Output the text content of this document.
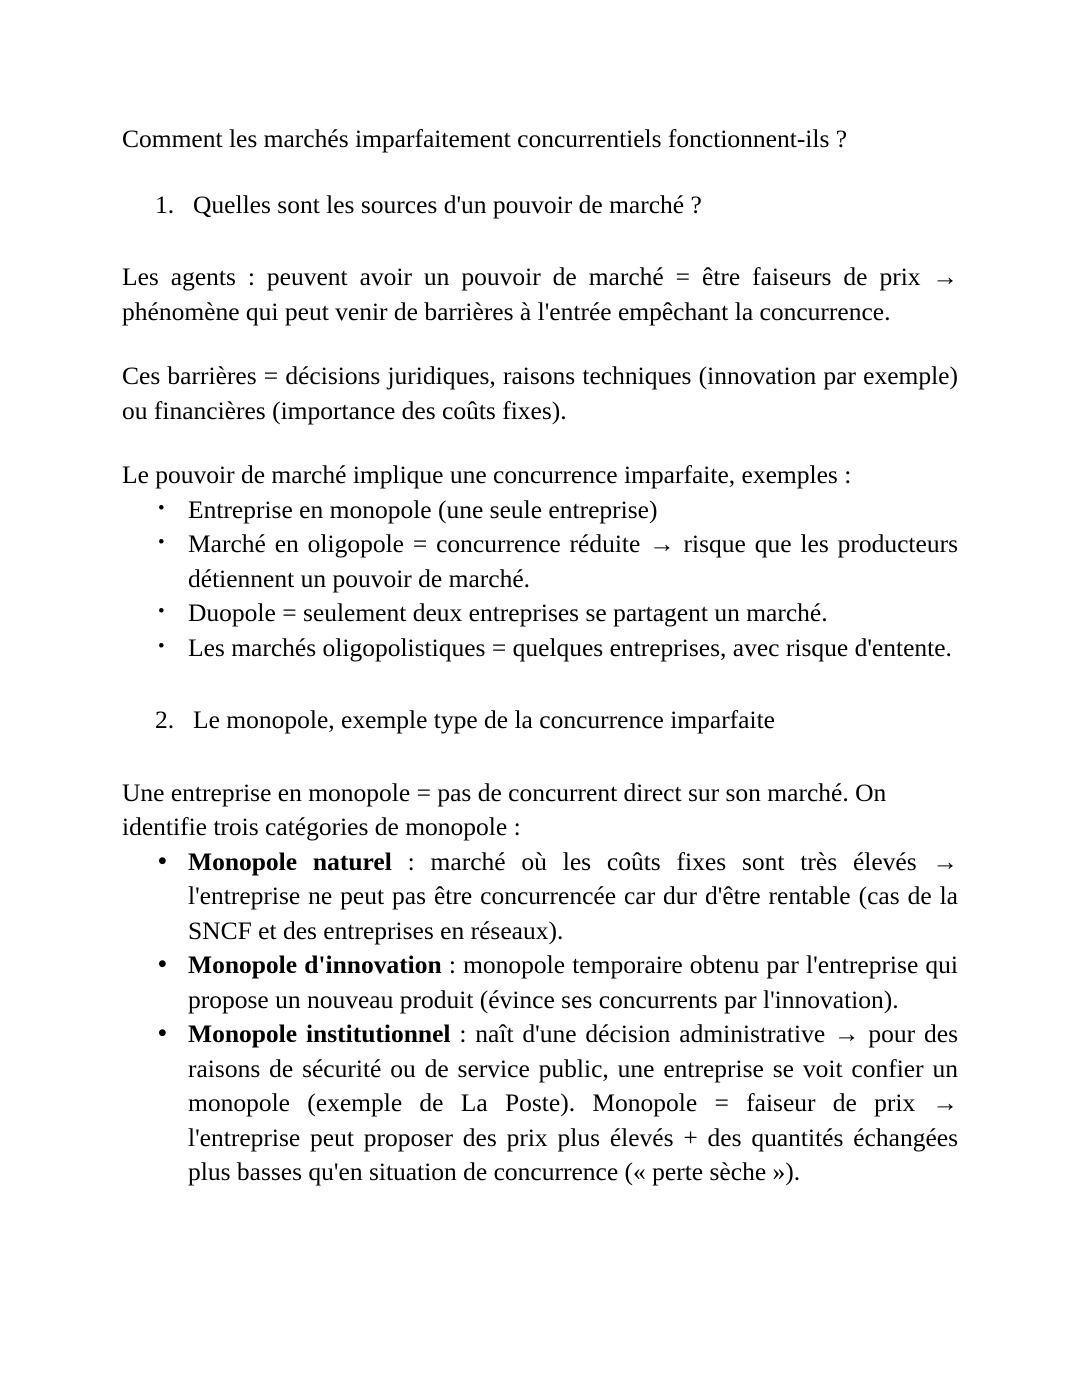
Comment les marchés imparfaitement concurrentiels fonctionnent-ils ?

1. Quelles sont les sources d'un pouvoir de marché ?

Les agents : peuvent avoir un pouvoir de marché = être faiseurs de prix → phénomène qui peut venir de barrières à l'entrée empêchant la concurrence.

Ces barrières = décisions juridiques, raisons techniques (innovation par exemple) ou financières (importance des coûts fixes).

Le pouvoir de marché implique une concurrence imparfaite, exemples :

• Entreprise en monopole (une seule entreprise)
• Marché en oligopole = concurrence réduite → risque que les producteurs détiennent un pouvoir de marché.
• Duopole = seulement deux entreprises se partagent un marché.
• Les marchés oligopolistiques = quelques entreprises, avec risque d'entente.
2. Le monopole, exemple type de la concurrence imparfaite

Une entreprise en monopole = pas de concurrent direct sur son marché. On identifie trois catégories de monopole :

• Monopole naturel : marché où les coûts fixes sont très élevés → l'entreprise ne peut pas être concurrencée car dur d'être rentable (cas de la SNCF et des entreprises en réseaux).
• Monopole d'innovation : monopole temporaire obtenu par l'entreprise qui propose un nouveau produit (évince ses concurrents par l'innovation).
• Monopole institutionnel : naît d'une décision administrative → pour des raisons de sécurité ou de service public, une entreprise se voit confier un monopole (exemple de La Poste). Monopole = faiseur de prix → l'entreprise peut proposer des prix plus élevés + des quantités échangées plus basses qu'en situation de concurrence (« perte sèche »).
